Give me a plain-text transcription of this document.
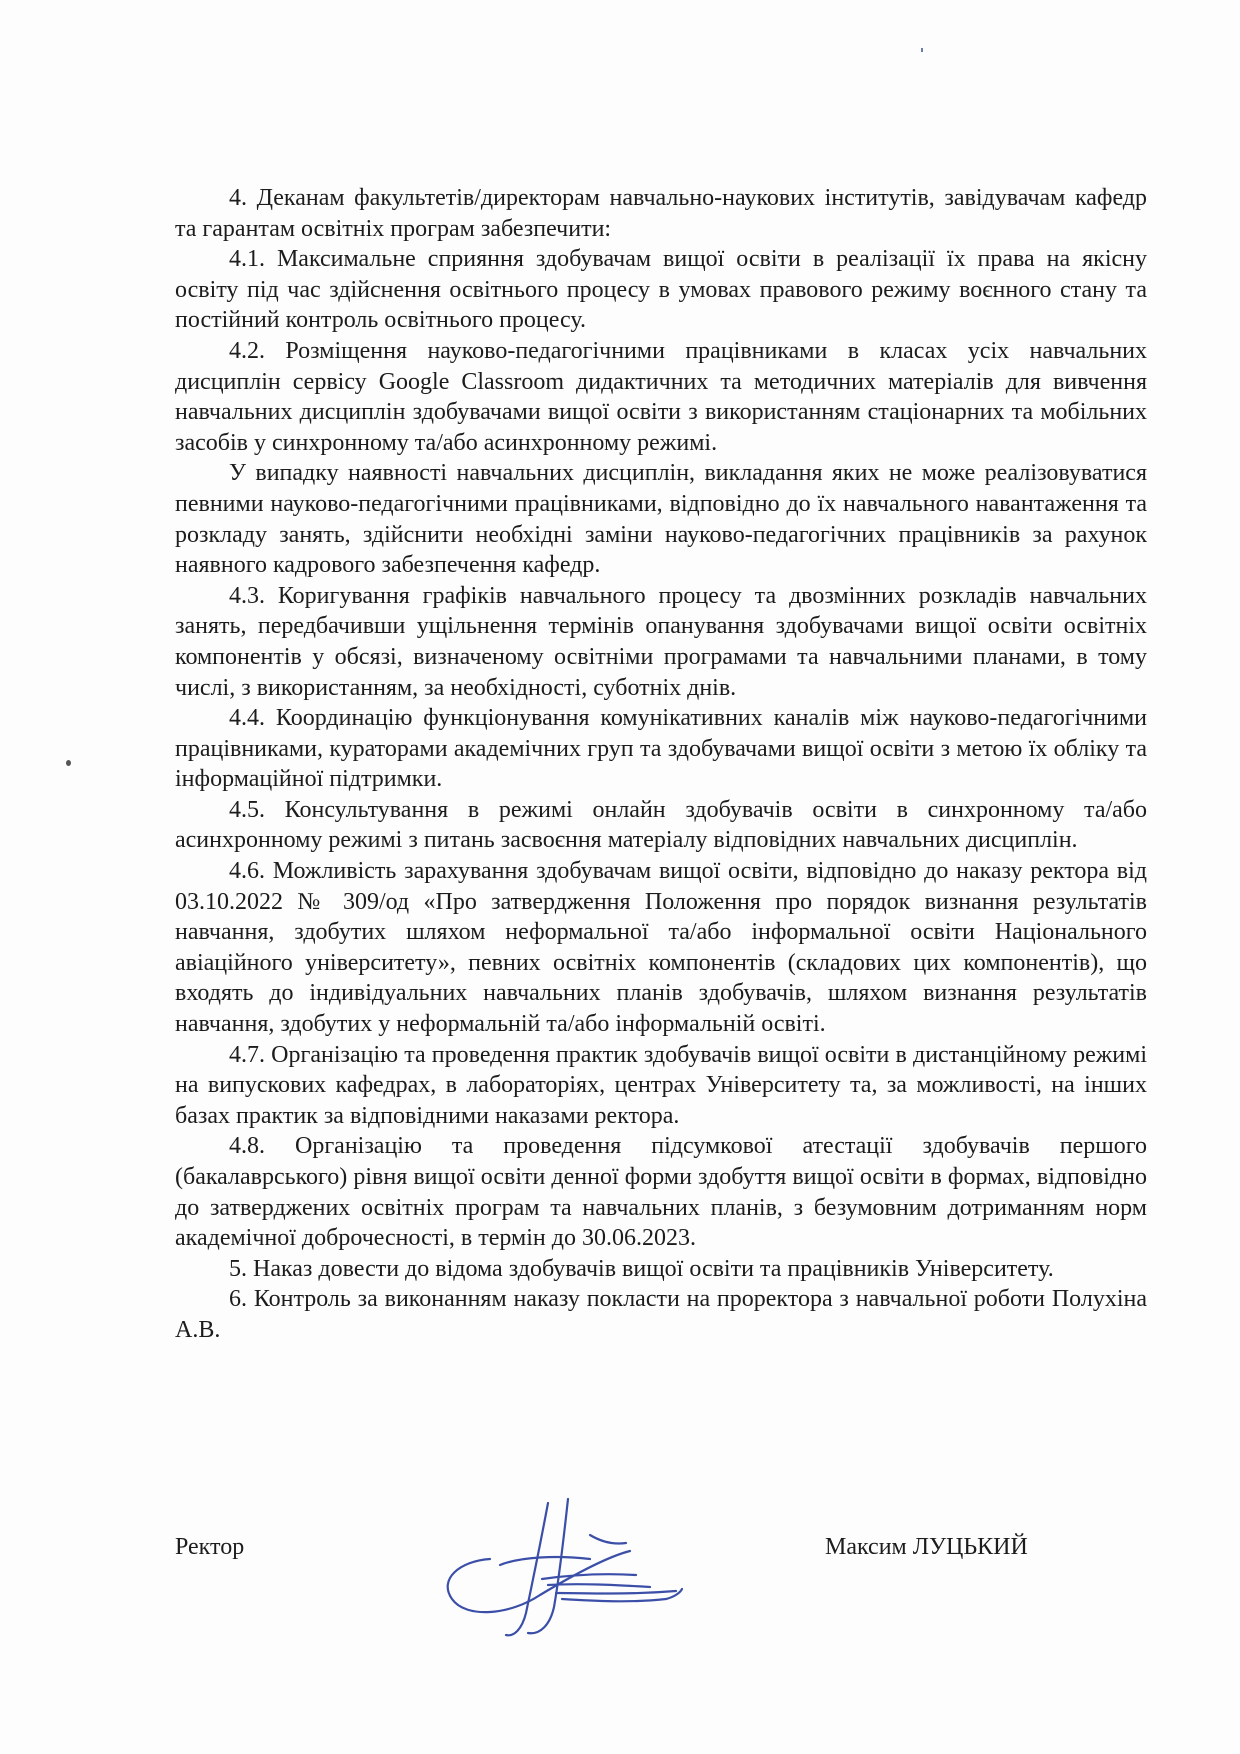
4. Деканам факультетів/директорам навчально-наукових інститутів, завідувачам кафедр та гарантам освітніх програм забезпечити:

4.1. Максимальне сприяння здобувачам вищої освіти в реалізації їх права на якісну освіту під час здійснення освітнього процесу в умовах правового режиму воєнного стану та постійний контроль освітнього процесу.

4.2. Розміщення науково-педагогічними працівниками в класах усіх навчальних дисциплін сервісу Google Classroom дидактичних та методичних матеріалів для вивчення навчальних дисциплін здобувачами вищої освіти з використанням стаціонарних та мобільних засобів у синхронному та/або асинхронному режимі.

У випадку наявності навчальних дисциплін, викладання яких не може реалізовуватися певними науково-педагогічними працівниками, відповідно до їх навчального навантаження та розкладу занять, здійснити необхідні заміни науково-педагогічних працівників за рахунок наявного кадрового забезпечення кафедр.

4.3. Коригування графіків навчального процесу та двозмінних розкладів навчальних занять, передбачивши ущільнення термінів опанування здобувачами вищої освіти освітніх компонентів у обсязі, визначеному освітніми програмами та навчальними планами, в тому числі, з використанням, за необхідності, суботніх днів.

4.4. Координацію функціонування комунікативних каналів між науково-педагогічними працівниками, кураторами академічних груп та здобувачами вищої освіти з метою їх обліку та інформаційної підтримки.

4.5. Консультування в режимі онлайн здобувачів освіти в синхронному та/або асинхронному режимі з питань засвоєння матеріалу відповідних навчальних дисциплін.

4.6. Можливість зарахування здобувачам вищої освіти, відповідно до наказу ректора від 03.10.2022 № 309/од «Про затвердження Положення про порядок визнання результатів навчання, здобутих шляхом неформальної та/або інформальної освіти Національного авіаційного університету», певних освітніх компонентів (складових цих компонентів), що входять до індивідуальних навчальних планів здобувачів, шляхом визнання результатів навчання, здобутих у неформальній та/або інформальній освіті.

4.7. Організацію та проведення практик здобувачів вищої освіти в дистанційному режимі на випускових кафедрах, в лабораторіях, центрах Університету та, за можливості, на інших базах практик за відповідними наказами ректора.

4.8. Організацію та проведення підсумкової атестації здобувачів першого (бакалаврського) рівня вищої освіти денної форми здобуття вищої освіти в формах, відповідно до затверджених освітніх програм та навчальних планів, з безумовним дотриманням норм академічної доброчесності, в термін до 30.06.2023.

5. Наказ довести до відома здобувачів вищої освіти та працівників Університету.

6. Контроль за виконанням наказу покласти на проректора з навчальної роботи Полухіна А.В.

Ректор	Максим ЛУЦЬКИЙ
